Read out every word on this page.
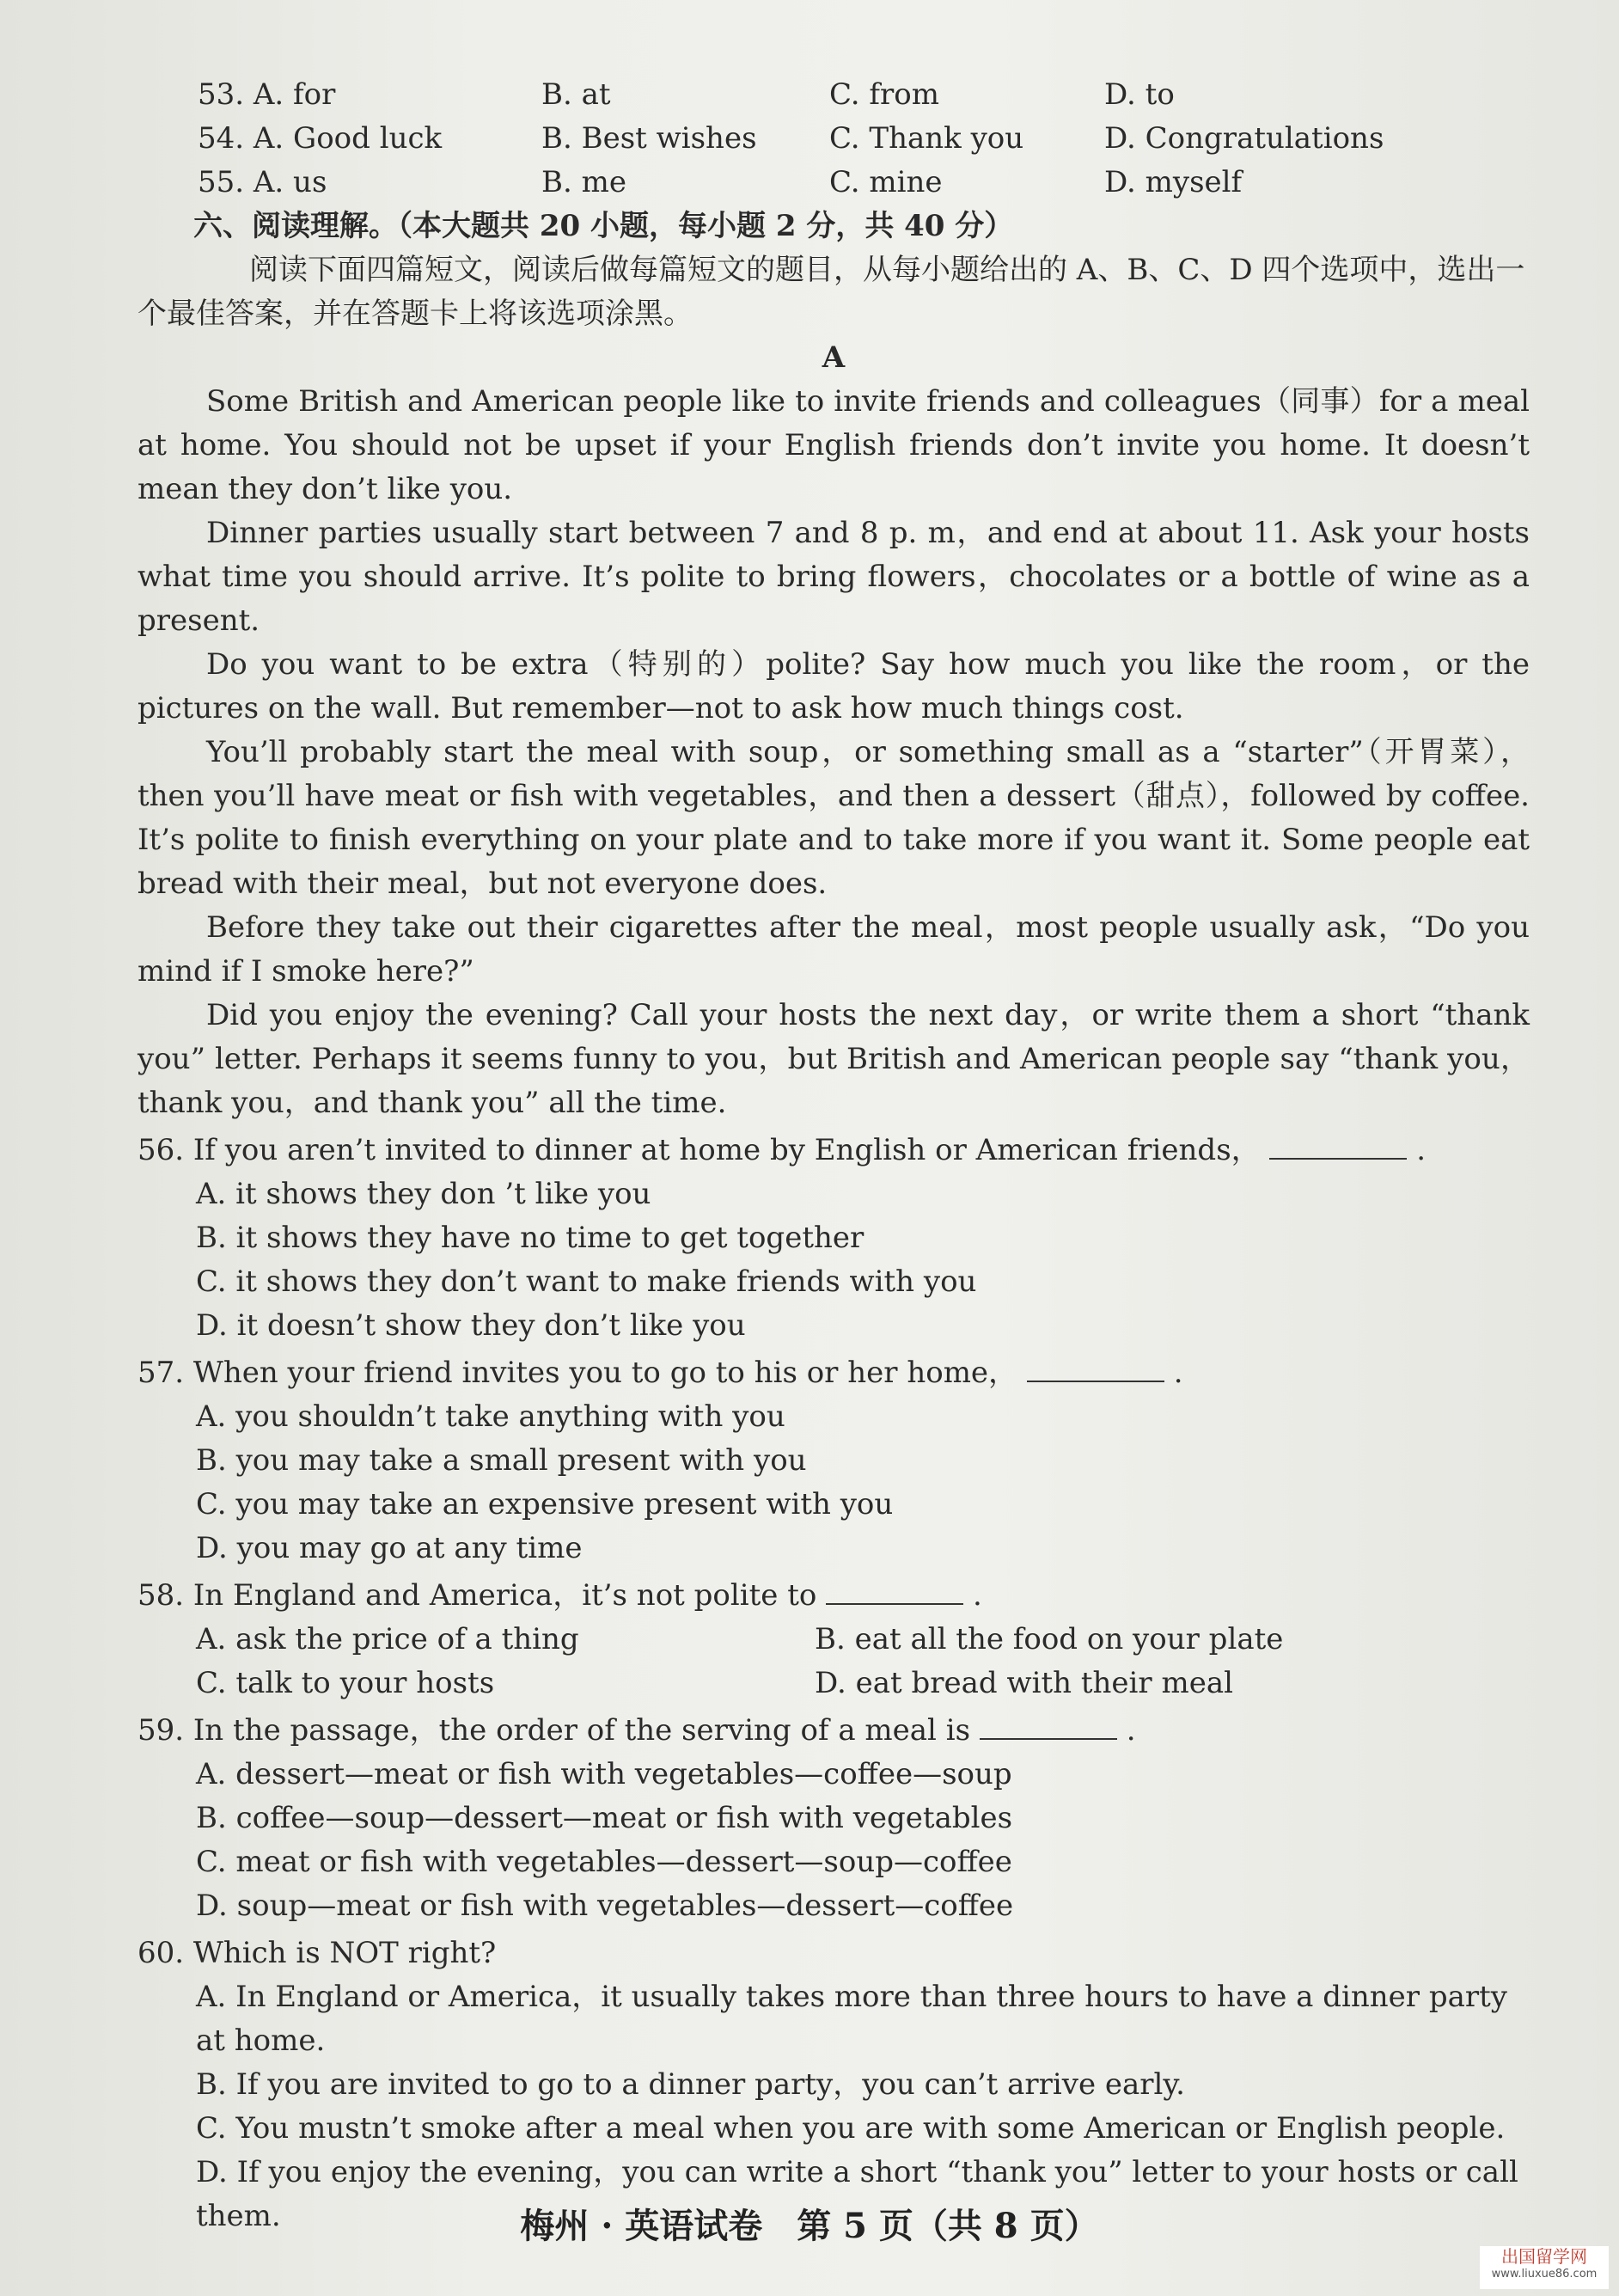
53. A. for	B. at	C. from	D. to
54. A. Good luck	B. Best wishes	C. Thank you	D. Congratulations
55. A. us	B. me	C. mine	D. myself
六、阅读理解。（本大题共 20 小题，每小题 2 分，共 40 分）
阅读下面四篇短文，阅读后做每篇短文的题目，从每小题给出的 A、B、C、D 四个选项中，选出一个最佳答案，并在答题卡上将该选项涂黑。
A
Some British and American people like to invite friends and colleagues（同事）for a meal at home. You should not be upset if your English friends don’t invite you home. It doesn’t mean they don’t like you.
Dinner parties usually start between 7 and 8 p. m，and end at about 11. Ask your hosts what time you should arrive. It’s polite to bring flowers，chocolates or a bottle of wine as a present.
Do you want to be extra（特别的）polite? Say how much you like the room，or the pictures on the wall. But remember—not to ask how much things cost.
You’ll probably start the meal with soup，or something small as a “starter”（开胃菜），then you’ll have meat or fish with vegetables，and then a dessert（甜点），followed by coffee. It’s polite to finish everything on your plate and to take more if you want it. Some people eat bread with their meal，but not everyone does.
Before they take out their cigarettes after the meal，most people usually ask，“Do you mind if I smoke here?”
Did you enjoy the evening? Call your hosts the next day，or write them a short “thank you” letter. Perhaps it seems funny to you，but British and American people say “thank you，thank you，and thank you” all the time.
56. If you aren’t invited to dinner at home by English or American friends，	.
A. it shows they don ’t like you
B. it shows they have no time to get together
C. it shows they don’t want to make friends with you
D. it doesn’t show they don’t like you
57. When your friend invites you to go to his or her home，	.
A. you shouldn’t take anything with you
B. you may take a small present with you
C. you may take an expensive present with you
D. you may go at any time
58. In England and America，it’s not polite to	.
A. ask the price of a thing	B. eat all the food on your plate
C. talk to your hosts	D. eat bread with their meal
59. In the passage，the order of the serving of a meal is	.
A. dessert—meat or fish with vegetables—coffee—soup
B. coffee—soup—dessert—meat or fish with vegetables
C. meat or fish with vegetables—dessert—soup—coffee
D. soup—meat or fish with vegetables—dessert—coffee
60. Which is NOT right?
A. In England or America，it usually takes more than three hours to have a dinner party at home.
B. If you are invited to go to a dinner party，you can’t arrive early.
C. You mustn’t smoke after a meal when you are with some American or English people.
D. If you enjoy the evening，you can write a short “thank you” letter to your hosts or call them.	梅州 · 英语试卷　第 5 页（共 8 页）
出国留学网
www.liuxue86.com
